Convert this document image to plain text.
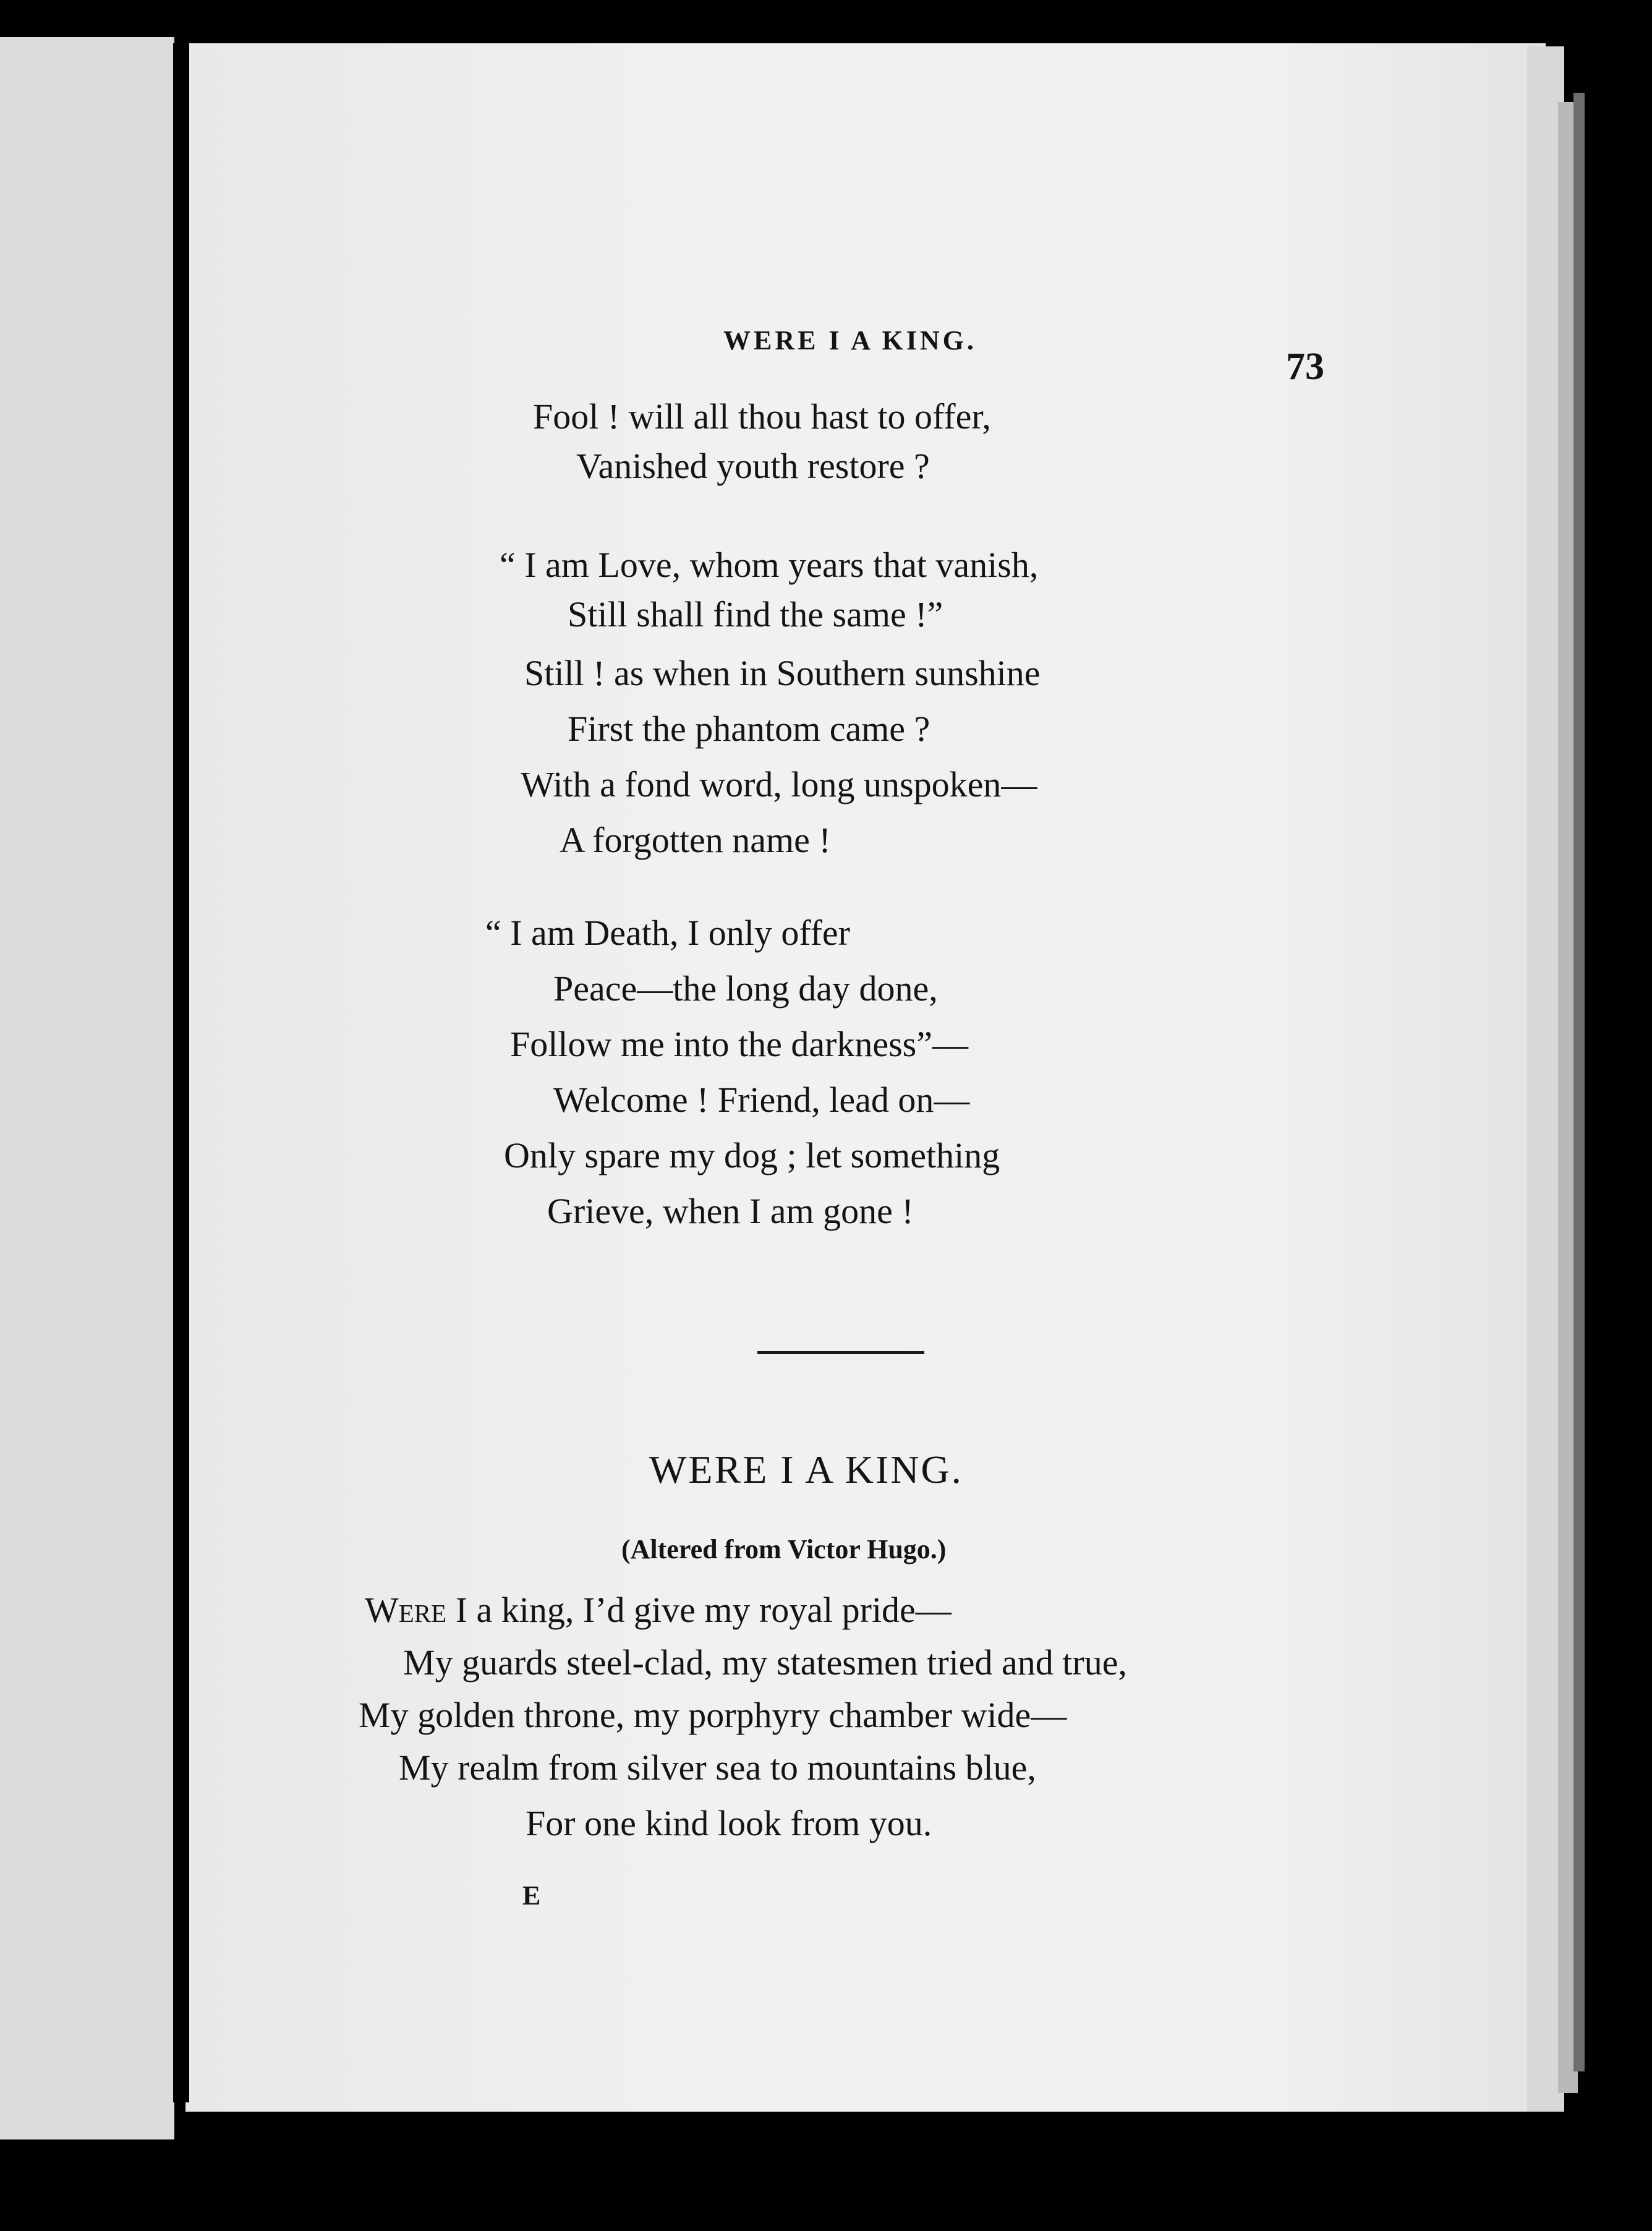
WERE I A KING.

73

Fool ! will all thou hast to offer,

Vanished youth restore ?

“ I am Love, whom years that vanish,

Still shall find the same !”

Still ! as when in Southern sunshine

First the phantom came ?

With a fond word, long unspoken—

A forgotten name !

“ I am Death, I only offer

Peace—the long day done,

Follow me into the darkness”—

Welcome ! Friend, lead on—

Only spare my dog ; let something

Grieve, when I am gone !

WERE I A KING.

(Altered from Victor Hugo.)

Were I a king, I’d give my royal pride—

My guards steel-clad, my statesmen tried and true,

My golden throne, my porphyry chamber wide—

My realm from silver sea to mountains blue,

For one kind look from you.

E
